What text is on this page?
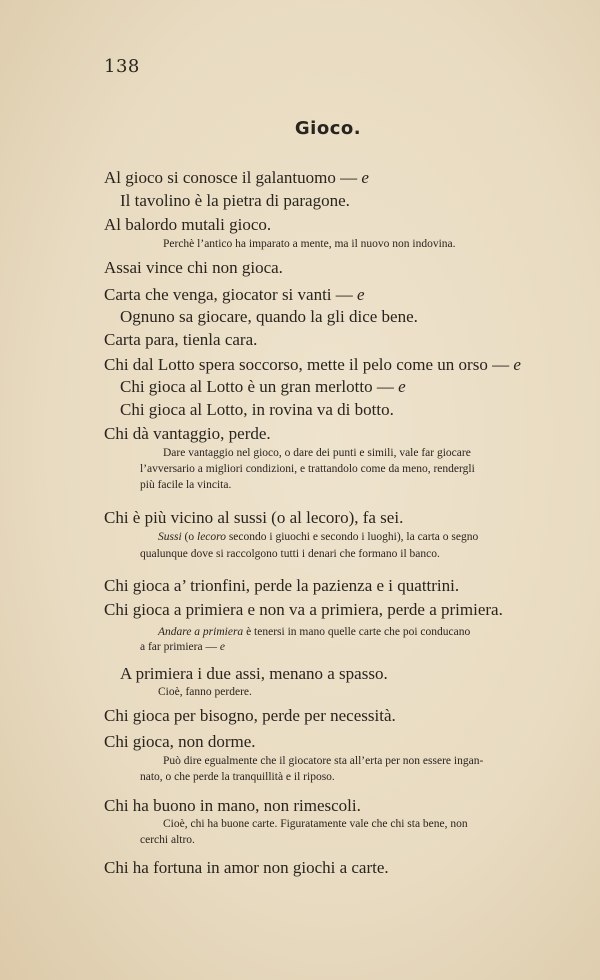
138
Gioco.
Al gioco si conosce il galantuomo — e
Il tavolino è la pietra di paragone.
Al balordo mutali gioco.
Perchè l’antico ha imparato a mente, ma il nuovo non indovina.
Assai vince chi non gioca.
Carta che venga, giocator si vanti — e
Ognuno sa giocare, quando la gli dice bene.
Carta para, tienla cara.
Chi dal Lotto spera soccorso, mette il pelo come un orso — e
Chi gioca al Lotto è un gran merlotto — e
Chi gioca al Lotto, in rovina va di botto.
Chi dà vantaggio, perde.
Dare vantaggio nel gioco, o dare dei punti e simili, vale far giocare
l’avversario a migliori condizioni, e trattandolo come da meno, rendergli
più facile la vincita.
Chi è più vicino al sussi (o al lecoro), fa sei.
Sussi (o lecoro secondo i giuochi e secondo i luoghi), la carta o segno
qualunque dove si raccolgono tutti i denari che formano il banco.
Chi gioca a’ trionfini, perde la pazienza e i quattrini.
Chi gioca a primiera e non va a primiera, perde a primiera.
Andare a primiera è tenersi in mano quelle carte che poi conducano
a far primiera — e
A primiera i due assi, menano a spasso.
Cioè, fanno perdere.
Chi gioca per bisogno, perde per necessità.
Chi gioca, non dorme.
Può dire egualmente che il giocatore sta all’erta per non essere ingan-
nato, o che perde la tranquillità e il riposo.
Chi ha buono in mano, non rimescoli.
Cioè, chi ha buone carte. Figuratamente vale che chi sta bene, non
cerchi altro.
Chi ha fortuna in amor non giochi a carte.
